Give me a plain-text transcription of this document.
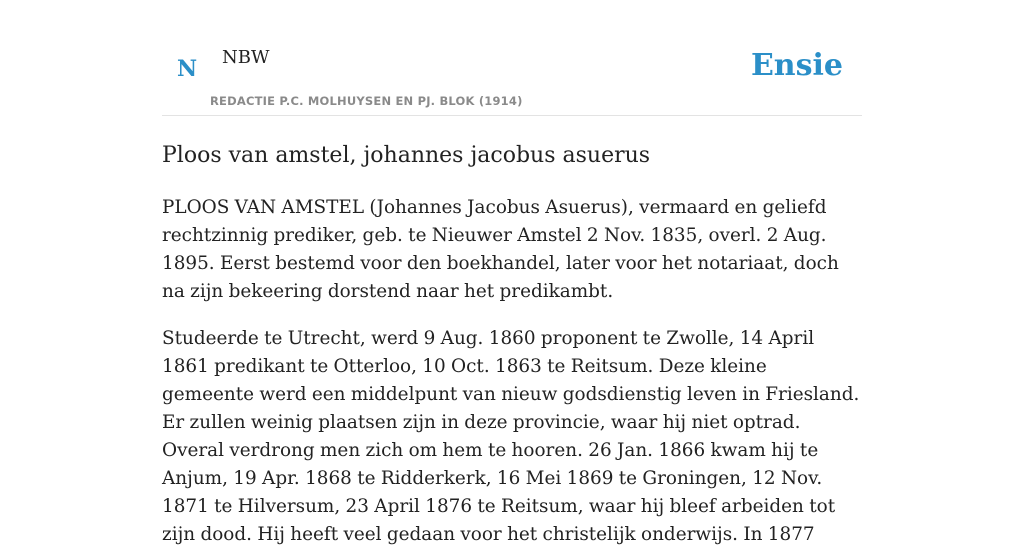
N NBW
REDACTIE P.C. MOLHUYSEN EN PJ. BLOK (1914)
Ensie
Ploos van amstel, johannes jacobus asuerus

PLOOS VAN AMSTEL (Johannes Jacobus Asuerus), vermaard en geliefd rechtzinnig prediker, geb. te Nieuwer Amstel 2 Nov. 1835, overl. 2 Aug. 1895. Eerst bestemd voor den boekhandel, later voor het notariaat, doch na zijn bekeering dorstend naar het predikambt.

Studeerde te Utrecht, werd 9 Aug. 1860 proponent te Zwolle, 14 April 1861 predikant te Otterloo, 10 Oct. 1863 te Reitsum. Deze kleine gemeente werd een middelpunt van nieuw godsdienstig leven in Friesland. Er zullen weinig plaatsen zijn in deze provincie, waar hij niet optrad. Overal verdrong men zich om hem te hooren. 26 Jan. 1866 kwam hij te Anjum, 19 Apr. 1868 te Ridderkerk, 16 Mei 1869 te Groningen, 12 Nov. 1871 te Hilversum, 23 April 1876 te Reitsum, waar hij bleef arbeiden tot zijn dood. Hij heeft veel gedaan voor het christelijk onderwijs. In 1877
